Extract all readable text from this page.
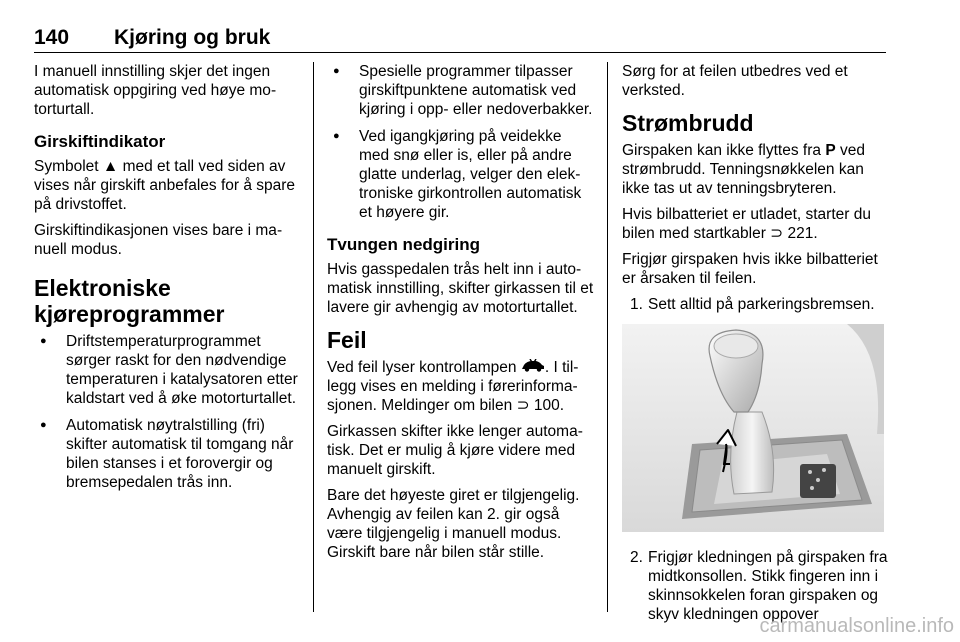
140 Kjøring og bruk

I manuell innstilling skjer det ingen automatisk oppgiring ved høye motorturtall.

Girskiftindikator

Symbolet ▲ med et tall ved siden av vises når girskift anbefales for å spare på drivstoffet.

Girskiftindikasjonen vises bare i manuell modus.

Elektroniske
kjøreprogrammer
● Driftstemperaturprogrammet sørger raskt for den nødvendige temperaturen i katalysatoren etter kaldstart ved å øke motorturtallet.
● Automatisk nøytralstilling (fri) skifter automatisk til tomgang når bilen stanses i et forovergir og bremsepedalen trås inn.
● Spesielle programmer tilpasser girskiftpunktene automatisk ved kjøring i opp- eller nedoverbakker.
● Ved igangkjøring på veidekke med snø eller is, eller på andre glatte underlag, velger den elektroniske girkontrollen automatisk et høyere gir.
Tvungen nedgiring

Hvis gasspedalen trås helt inn i automatisk innstilling, skifter girkassen til et lavere gir avhengig av motorturtallet.

Feil

Ved feil lyser kontrollampen . I tillegg vises en melding i førerinformasjonen. Meldinger om bilen ⊃ 100.

Girkassen skifter ikke lenger automatisk. Det er mulig å kjøre videre med manuelt girskift.

Bare det høyeste giret er tilgjengelig. Avhengig av feilen kan 2. gir også være tilgjengelig i manuell modus. Girskift bare når bilen står stille.

Sørg for at feilen utbedres ved et verksted.

Strømbrudd

Girspaken kan ikke flyttes fra P ved strømbrudd. Tenningsnøkkelen kan ikke tas ut av tenningsbryteren.

Hvis bilbatteriet er utladet, starter du bilen med startkabler ⊃ 221.

Frigjør girspaken hvis ikke bilbatteriet er årsaken til feilen.

1. Sett alltid på parkeringsbremsen.
2. Frigjør kledningen på girspaken fra midtkonsollen. Stikk fingeren inn i skinnsokkelen foran girspaken og skyv kledningen oppover
carmanualsonline.info
